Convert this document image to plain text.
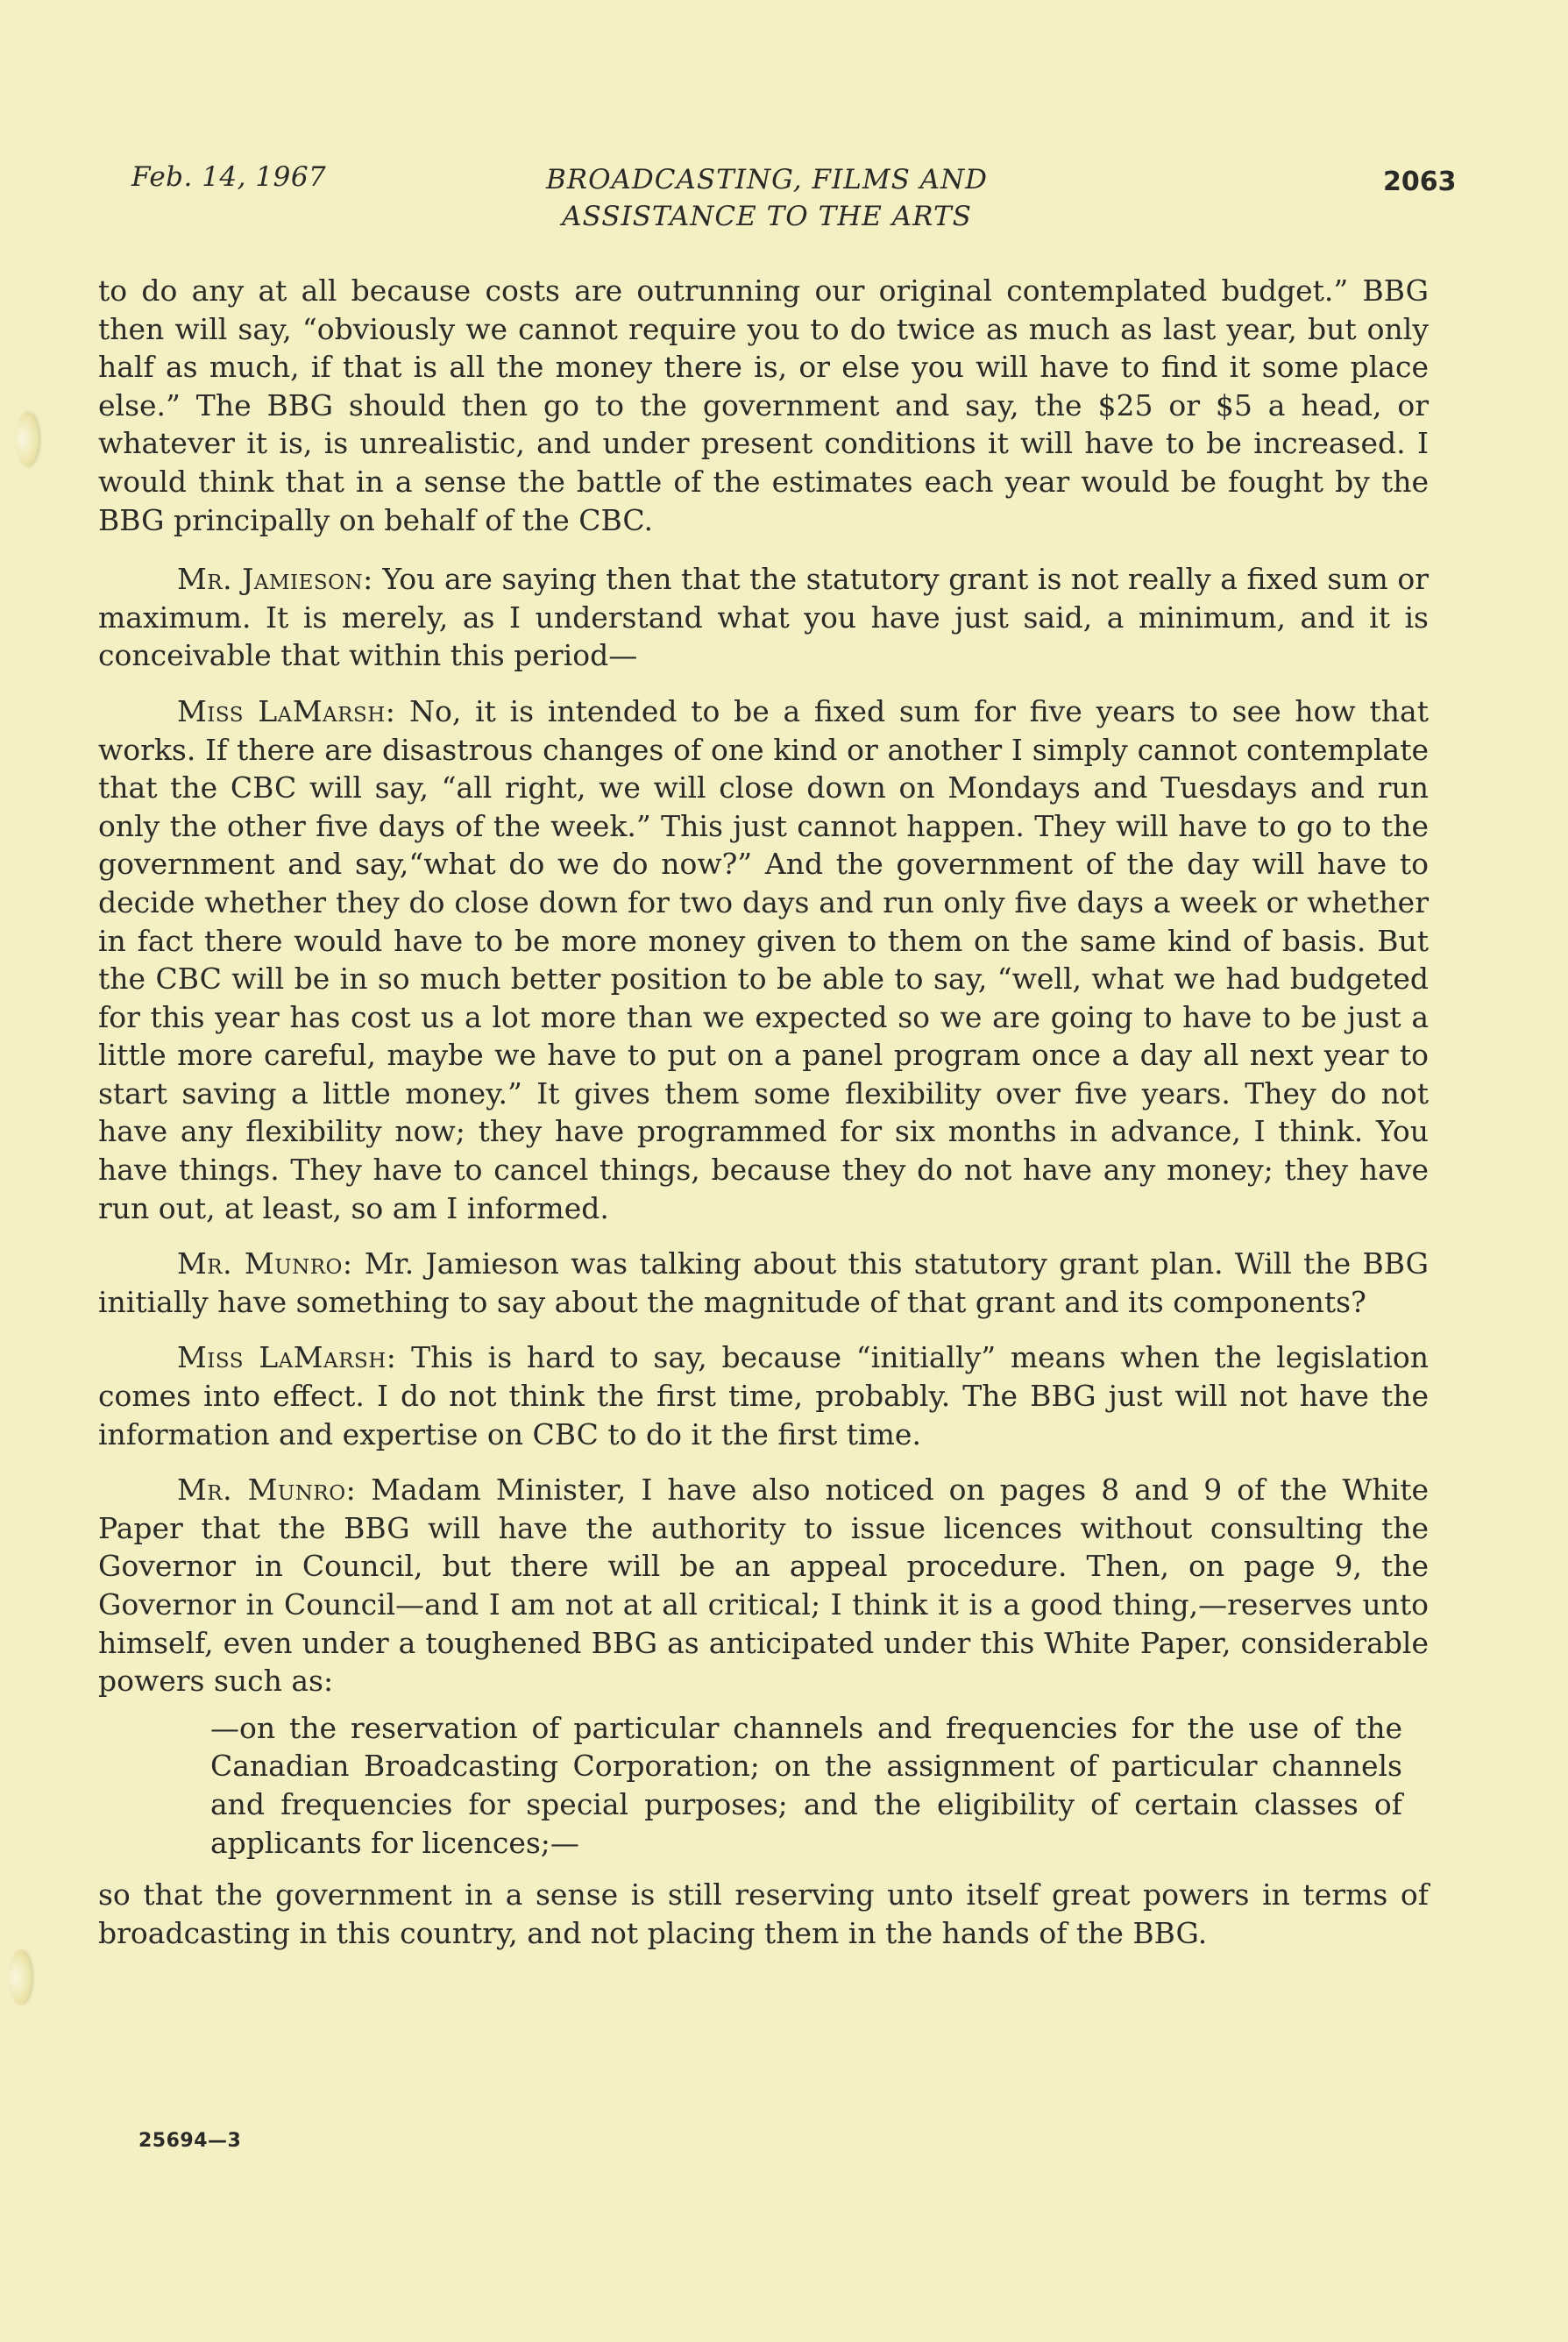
Feb. 14, 1967	BROADCASTING, FILMS AND
ASSISTANCE TO THE ARTS
2063

to do any at all because costs are outrunning our original contemplated budget.” BBG then will say, “obviously we cannot require you to do twice as much as last year, but only half as much, if that is all the money there is, or else you will have to find it some place else.” The BBG should then go to the government and say, the $25 or $5 a head, or whatever it is, is unrealistic, and under present conditions it will have to be increased. I would think that in a sense the battle of the estimates each year would be fought by the BBG principally on behalf of the CBC.

Mr. Jamieson: You are saying then that the statutory grant is not really a fixed sum or maximum. It is merely, as I understand what you have just said, a minimum, and it is conceivable that within this period—

Miss LaMarsh: No, it is intended to be a fixed sum for five years to see how that works. If there are disastrous changes of one kind or another I simply cannot contemplate that the CBC will say, “all right, we will close down on Mondays and Tuesdays and run only the other five days of the week.” This just cannot happen. They will have to go to the government and say,“what do we do now?” And the government of the day will have to decide whether they do close down for two days and run only five days a week or whether in fact there would have to be more money given to them on the same kind of basis. But the CBC will be in so much better position to be able to say, “well, what we had budgeted for this year has cost us a lot more than we expected so we are going to have to be just a little more careful, maybe we have to put on a panel program once a day all next year to start saving a little money.” It gives them some flexibility over five years. They do not have any flexibility now; they have programmed for six months in advance, I think. You have things. They have to cancel things, because they do not have any money; they have run out, at least, so am I informed.

Mr. Munro: Mr. Jamieson was talking about this statutory grant plan. Will the BBG initially have something to say about the magnitude of that grant and its components?

Miss LaMarsh: This is hard to say, because “initially” means when the legislation comes into effect. I do not think the first time, probably. The BBG just will not have the information and expertise on CBC to do it the first time.

Mr. Munro: Madam Minister, I have also noticed on pages 8 and 9 of the White Paper that the BBG will have the authority to issue licences without consulting the Governor in Council, but there will be an appeal procedure. Then, on page 9, the Governor in Council—and I am not at all critical; I think it is a good thing,—reserves unto himself, even under a toughened BBG as anticipated under this White Paper, considerable powers such as:

—on the reservation of particular channels and frequencies for the use of the Canadian Broadcasting Corporation; on the assignment of particular channels and frequencies for special purposes; and the eligibility of certain classes of applicants for licences;—

so that the government in a sense is still reserving unto itself great powers in terms of broadcasting in this country, and not placing them in the hands of the BBG.

25694—3
